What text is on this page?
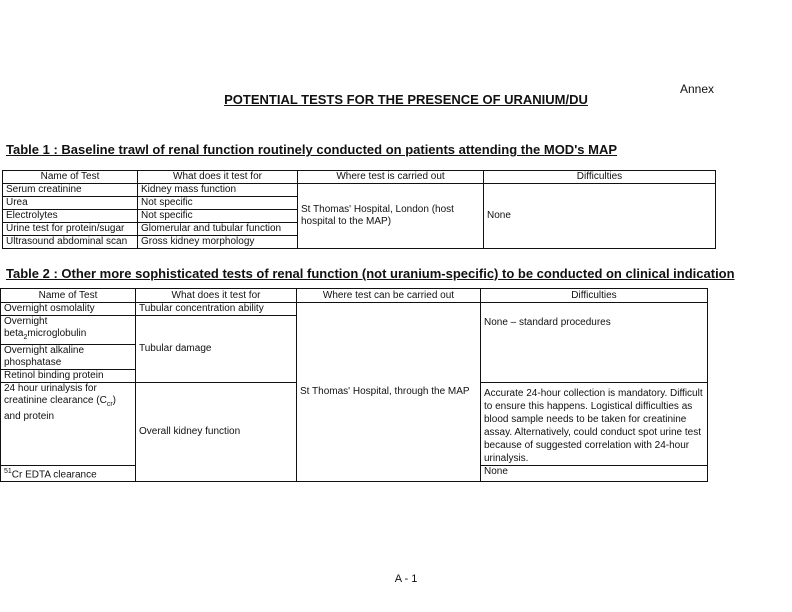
Annex
POTENTIAL TESTS FOR THE PRESENCE OF URANIUM/DU
Table 1 : Baseline trawl of renal function routinely conducted on patients attending the MOD's MAP
Name of Test	What does it test for	Where test is carried out	Difficulties
Serum creatinine	Kidney mass function	St Thomas' Hospital, London (host hospital to the MAP)	None
Urea	Not specific		
Electrolytes	Not specific		
Urine test for protein/sugar	Glomerular and tubular function		
Ultrasound abdominal scan	Gross kidney morphology		
Table 2 : Other more sophisticated tests of renal function (not uranium-specific) to be conducted on clinical indication
Name of Test	What does it test for	Where test can be carried out	Difficulties
Overnight osmolality	Tubular concentration ability	St Thomas' Hospital, through the MAP	None – standard procedures
Overnight beta$_2$microglobulin	Tubular damage		
Overnight alkaline phosphatase			
Retinol binding protein			
24 hour urinalysis for creatinine clearance $(C_{cr})$ and protein	Overall kidney function		Accurate 24-hour collection is mandatory. Difficult to ensure this happens. Logistical difficulties as blood sample needs to be taken for creatinine assay. Alternatively, could conduct spot urine test because of suggested correlation with 24-hour urinalysis.
$^{51}$Cr EDTA clearance			None
A - 1
